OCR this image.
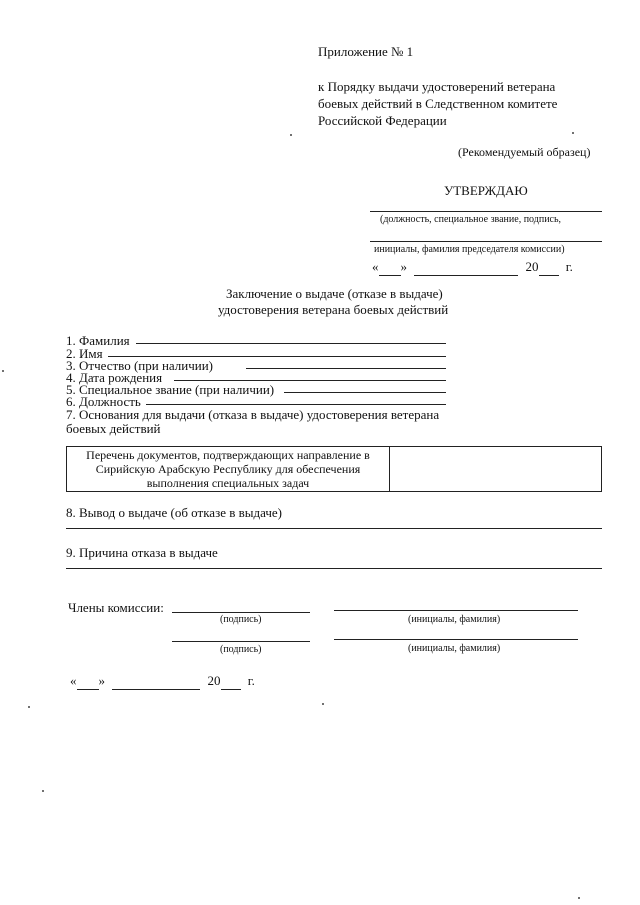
Приложение № 1
к Порядку выдачи удостоверений ветерана
боевых действий в Следственном комитете
Российской Федерации
(Рекомендуемый образец)
УТВЕРЖДАЮ
(должность, специальное звание, подпись,
инициалы, фамилия председателя комиссии)
« »	20 г.
Заключение о выдаче (отказе в выдаче)
удостоверения ветерана боевых действий
1. Фамилия
2. Имя
3. Отчество (при наличии)
4. Дата рождения
5. Специальное звание (при наличии)
6. Должность
7. Основания для выдачи (отказа в выдаче) удостоверения ветерана
боевых действий
Перечень документов, подтверждающих направление в
Сирийскую Арабскую Республику для обеспечения
выполнения специальных задач

8. Вывод о выдаче (об отказе в выдаче)
9. Причина отказа в выдаче
Члены комиссии:
(подпись)	(инициалы, фамилия)
(подпись)	(инициалы, фамилия)
« »	20 г.
